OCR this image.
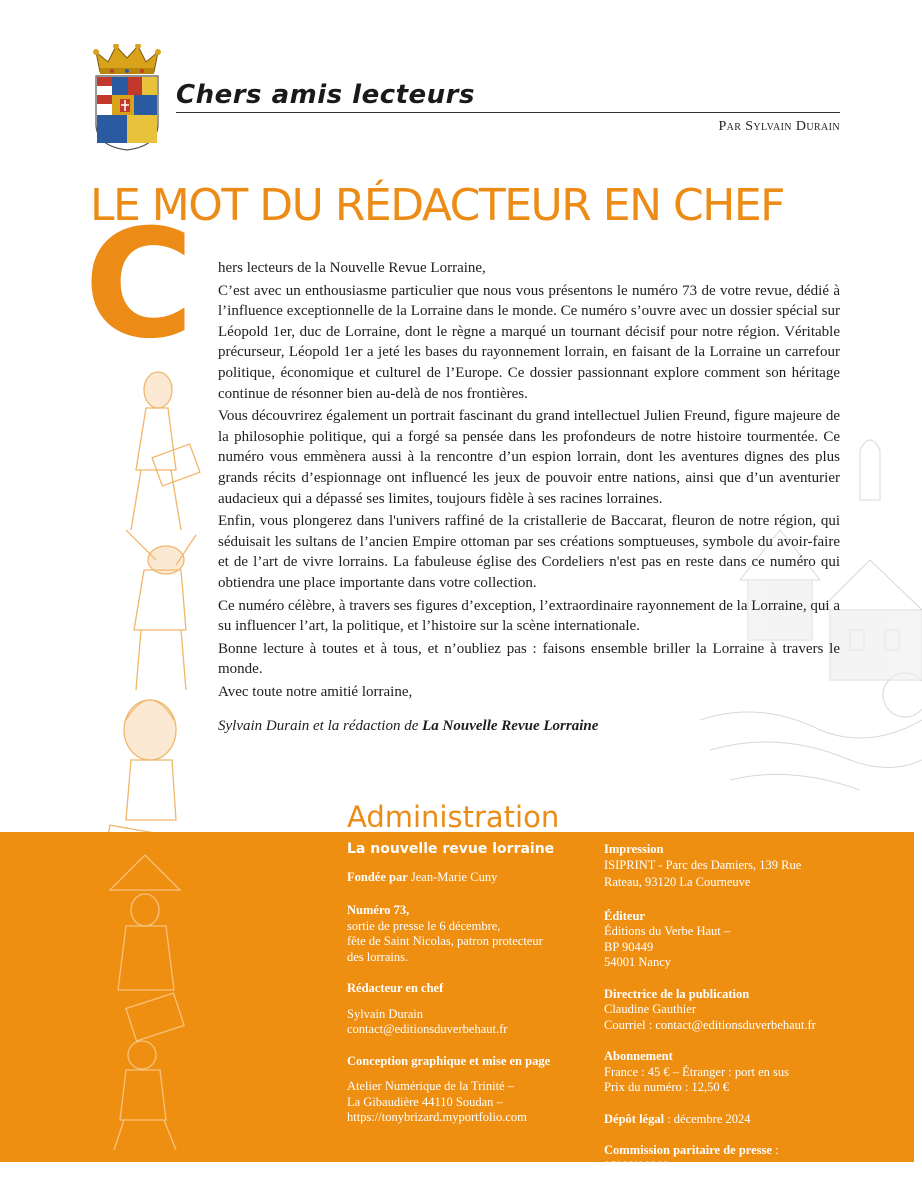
Chers amis lecteurs
Par Sylvain Durain
LE MOT DU RÉDACTEUR EN CHEF
C hers lecteurs de la Nouvelle Revue Lorraine,

C’est avec un enthousiasme particulier que nous vous présentons le numéro 73 de votre revue, dédié à l’influence exceptionnelle de la Lorraine dans le monde. Ce numéro s’ouvre avec un dossier spécial sur Léopold 1er, duc de Lorraine, dont le règne a marqué un tournant décisif pour notre région. Véritable précurseur, Léopold 1er a jeté les bases du rayonnement lorrain, en faisant de la Lorraine un carrefour politique, économique et culturel de l’Europe. Ce dossier passionnant explore comment son héritage continue de résonner bien au-delà de nos frontières.

Vous découvrirez également un portrait fascinant du grand intellectuel Julien Freund, figure majeure de la philosophie politique, qui a forgé sa pensée dans les profondeurs de notre histoire tourmentée. Ce numéro vous emmènera aussi à la rencontre d’un espion lorrain, dont les aventures dignes des plus grands récits d’espionnage ont influencé les jeux de pouvoir entre nations, ainsi que d’un aventurier audacieux qui a dépassé ses limites, toujours fidèle à ses racines lorraines.

Enfin, vous plongerez dans l'univers raffiné de la cristallerie de Baccarat, fleuron de notre région, qui séduisait les sultans de l’ancien Empire ottoman par ses créations somptueuses, symbole du avoir-faire et de l’art de vivre lorrains. La fabuleuse église des Cordeliers n'est pas en reste dans ce numéro qui obtiendra une place importante dans votre collection.

Ce numéro célèbre, à travers ses figures d’exception, l’extraordinaire rayonnement de la Lorraine, qui a su influencer l’art, la politique, et l’histoire sur la scène internationale.

Bonne lecture à toutes et à tous, et n’oubliez pas : faisons ensemble briller la Lorraine à travers le monde.

Avec toute notre amitié lorraine,

Sylvain Durain et la rédaction de La Nouvelle Revue Lorraine

Administration
La nouvelle revue lorraine
Fondée par Jean-Marie Cuny
Numéro 73,
sortie de presse le 6 décembre,
fête de Saint Nicolas, patron protecteur
des lorrains.
Rédacteur en chef
Sylvain Durain
contact@editionsduverbehaut.fr
Conception graphique et mise en page
Atelier Numérique de la Trinité –
La Gibaudière 44110 Soudan –
https://tonybrizard.myportfolio.com
Impression
ISIPRINT - Parc des Damiers, 139 Rue
Rateau, 93120 La Courneuve
Éditeur
Éditions du Verbe Haut –
BP 90449
54001 Nancy
Directrice de la publication
Claudine Gauthier
Courriel : contact@editionsduverbehaut.fr
Abonnement
France : 45 € – Étranger : port en sus
Prix du numéro : 12,50 €
Dépôt légal : décembre 2024
Commission paritaire de presse : 0522K90382
ISSN : 2110-6630
